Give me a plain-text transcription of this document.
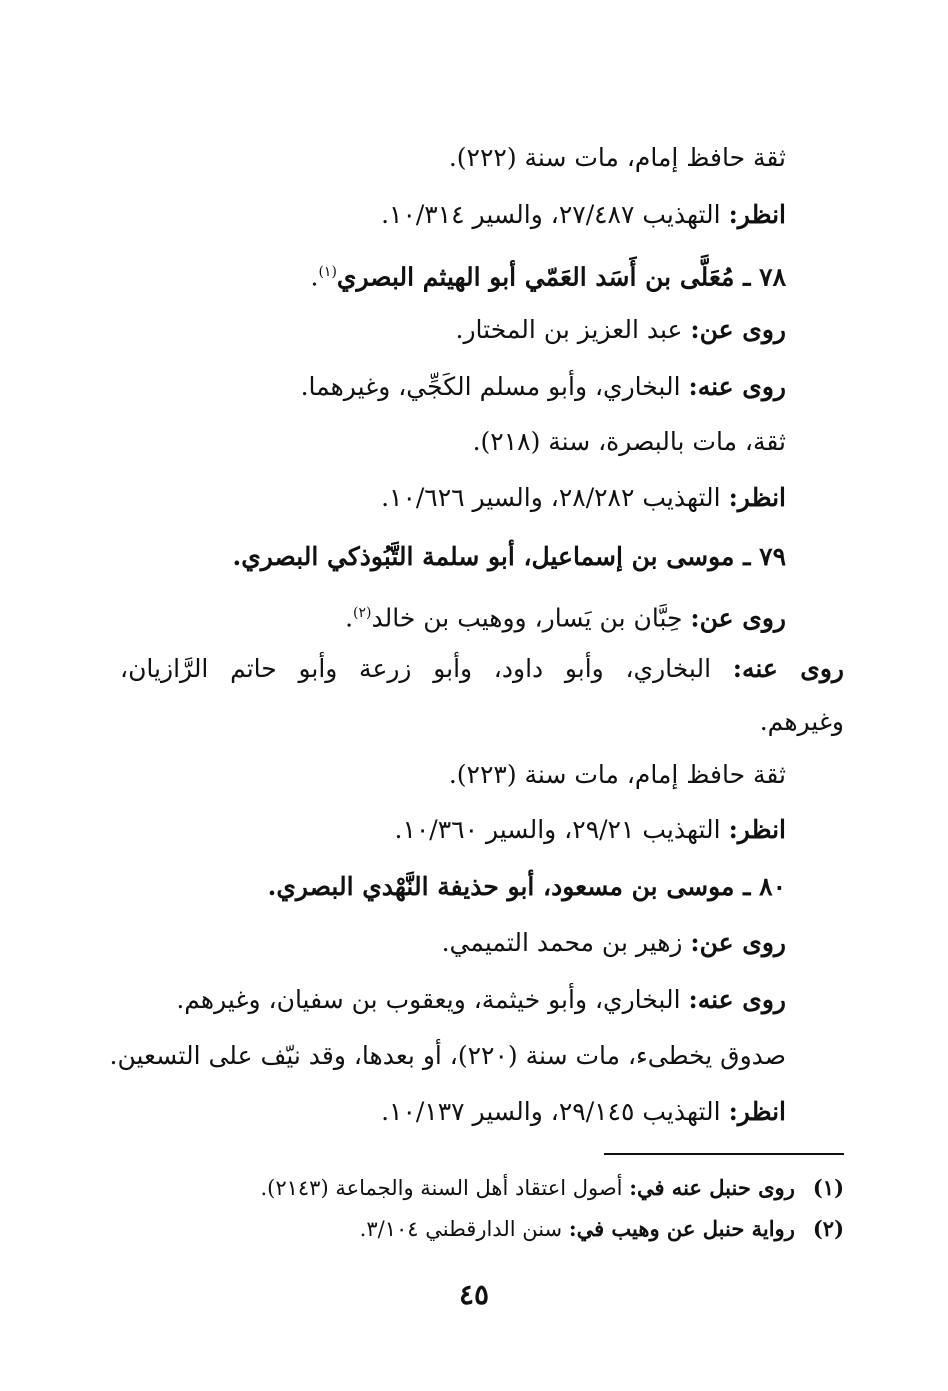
ثقة حافظ إمام، مات سنة (٢٢٢).
انظر: التهذيب ٢٧/٤٨٧، والسير ١٠/٣١٤.
٧٨ ـ مُعَلَّى بن أَسَد العَمّي أبو الهيثم البصري$^{(١)}$.
روى عن: عبد العزيز بن المختار.
روى عنه: البخاري، وأبو مسلم الكَجِّي، وغيرهما.
ثقة، مات بالبصرة، سنة (٢١٨).
انظر: التهذيب ٢٨/٢٨٢، والسير ١٠/٦٢٦.
٧٩ ـ موسى بن إسماعيل، أبو سلمة التَّبُوذكي البصري.
روى عن: حِبَّان بن يَسار، ووهيب بن خالد$^{(٢)}$.
روى عنه: البخاري، وأبو داود، وأبو زرعة وأبو حاتم الرَّازيان،
وغيرهم.
ثقة حافظ إمام، مات سنة (٢٢٣).
انظر: التهذيب ٢٩/٢١، والسير ١٠/٣٦٠.
٨٠ ـ موسى بن مسعود، أبو حذيفة النَّهْدي البصري.
روى عن: زهير بن محمد التميمي.
روى عنه: البخاري، وأبو خيثمة، ويعقوب بن سفيان، وغيرهم.
صدوق يخطىء، مات سنة (٢٢٠)، أو بعدها، وقد نيّف على التسعين.
انظر: التهذيب ٢٩/١٤٥، والسير ١٠/١٣٧.
(١)روى حنبل عنه في: أصول اعتقاد أهل السنة والجماعة (٢١٤٣).
(٢)رواية حنبل عن وهيب في: سنن الدارقطني ٣/١٠٤.
٤٥
